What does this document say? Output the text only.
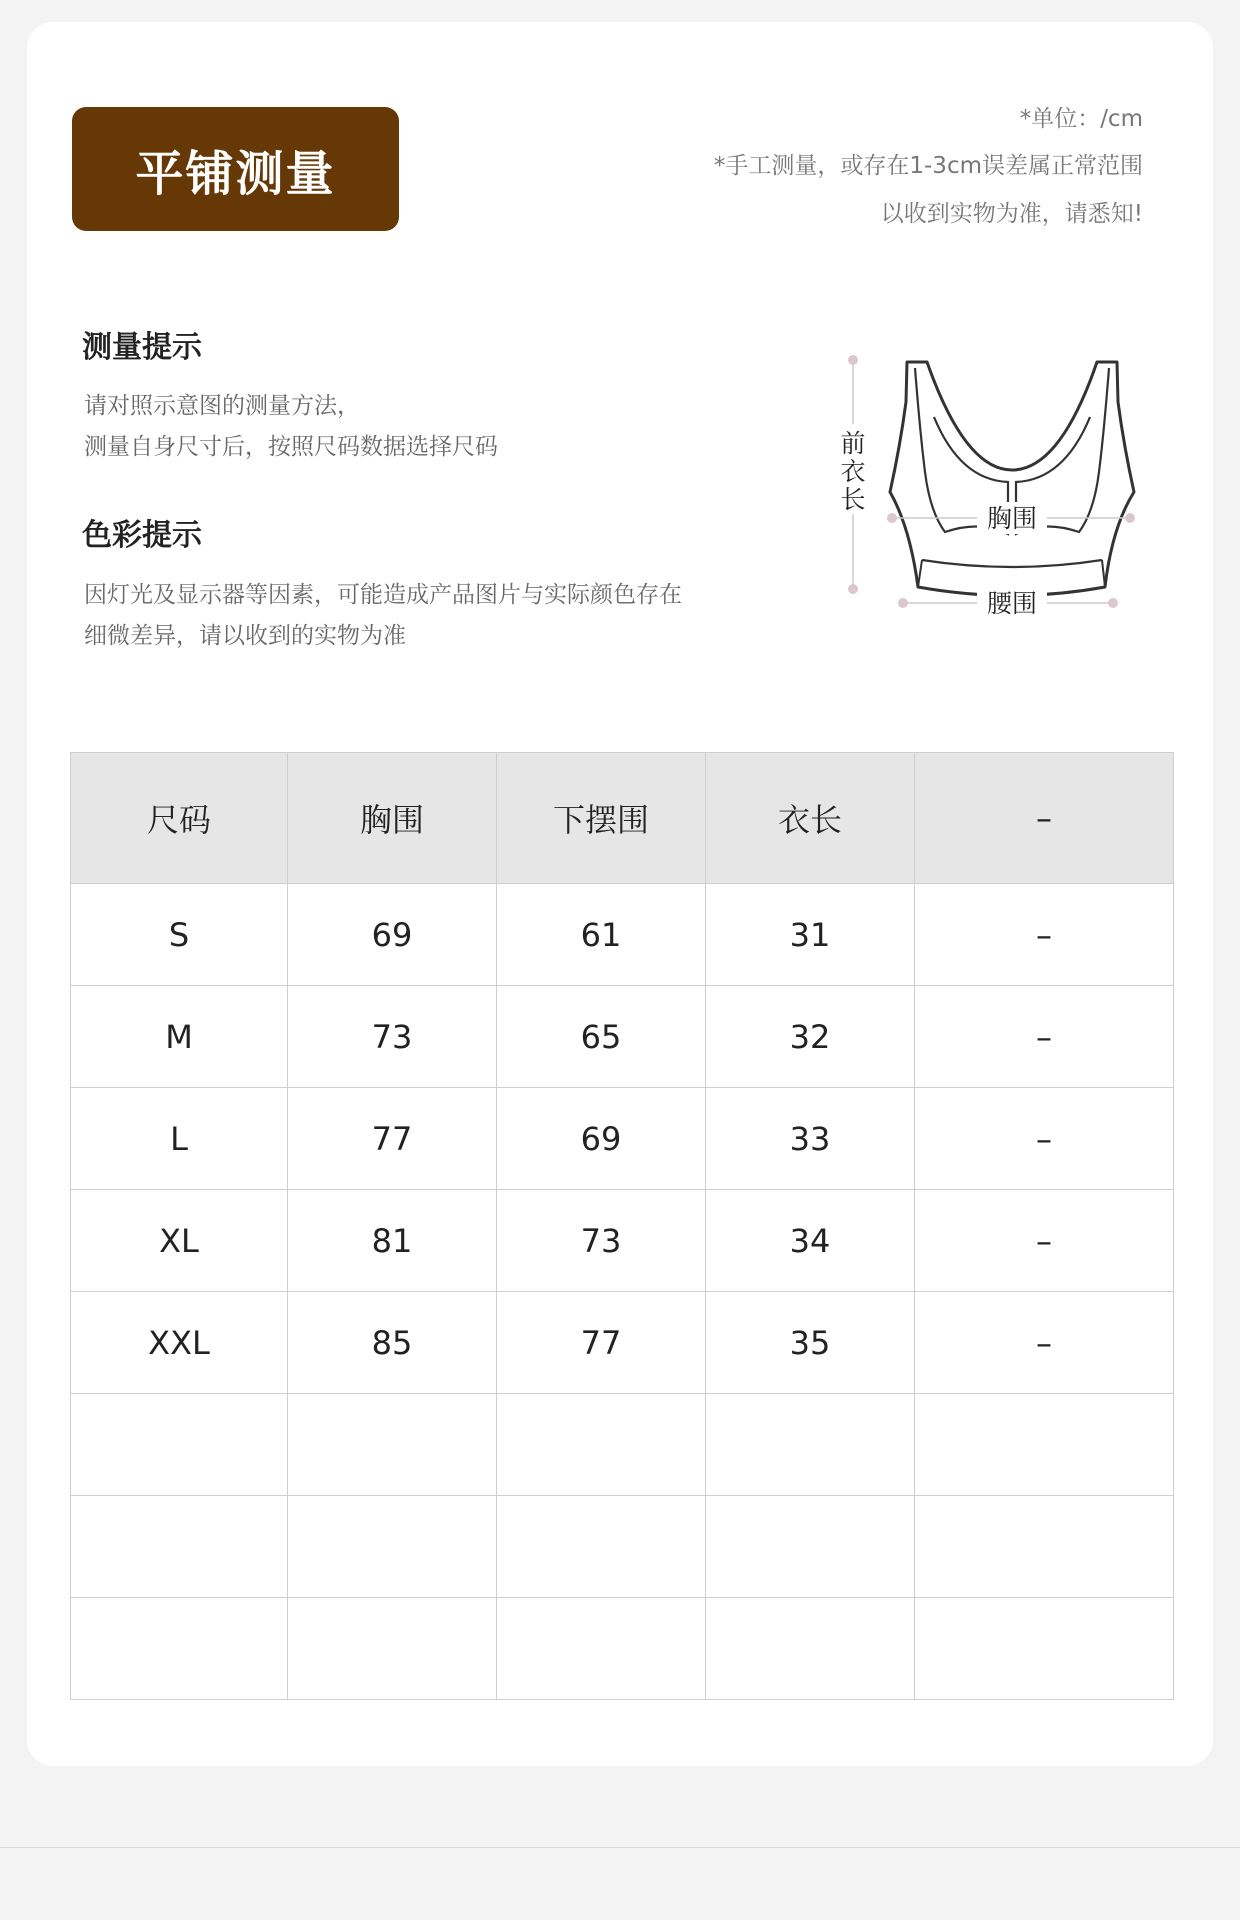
平铺测量
*单位：/cm
*手工测量，或存在1-3cm误差属正常范围
以收到实物为准，请悉知!
测量提示
请对照示意图的测量方法，
测量自身尺寸后，按照尺码数据选择尺码
色彩提示
因灯光及显示器等因素，可能造成产品图片与实际颜色存在
细微差异，请以收到的实物为准
前
衣
长
胸围
腰围
尺码	胸围	下摆围	衣长	–
S	69	61	31	–
M	73	65	32	–
L	77	69	33	–
XL	81	73	34	–
XXL	85	77	35	–
